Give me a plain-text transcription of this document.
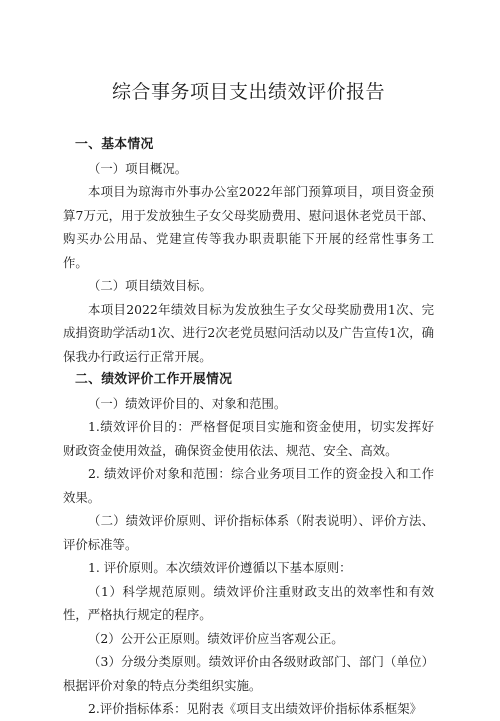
综合事务项目支出绩效评价报告

一、基本情况

（一）项目概况。

本项目为琼海市外事办公室2022年部门预算项目，项目资金预算7万元，用于发放独生子女父母奖励费用、慰问退休老党员干部、购买办公用品、党建宣传等我办职责职能下开展的经常性事务工作。

（二）项目绩效目标。

本项目2022年绩效目标为发放独生子女父母奖励费用1次、完成捐资助学活动1次、进行2次老党员慰问活动以及广告宣传1次，确保我办行政运行正常开展。

二、绩效评价工作开展情况

（一）绩效评价目的、对象和范围。

1.绩效评价目的：严格督促项目实施和资金使用，切实发挥好财政资金使用效益，确保资金使用依法、规范、安全、高效。

2. 绩效评价对象和范围：综合业务项目工作的资金投入和工作效果。

（二）绩效评价原则、评价指标体系（附表说明）、评价方法、评价标准等。

1. 评价原则。本次绩效评价遵循以下基本原则：

（1）科学规范原则。绩效评价注重财政支出的效率性和有效性，严格执行规定的程序。

（2）公开公正原则。绩效评价应当客观公正。

（3）分级分类原则。绩效评价由各级财政部门、部门（单位）根据评价对象的特点分类组织实施。

2.评价指标体系：见附表《项目支出绩效评价指标体系框架》
